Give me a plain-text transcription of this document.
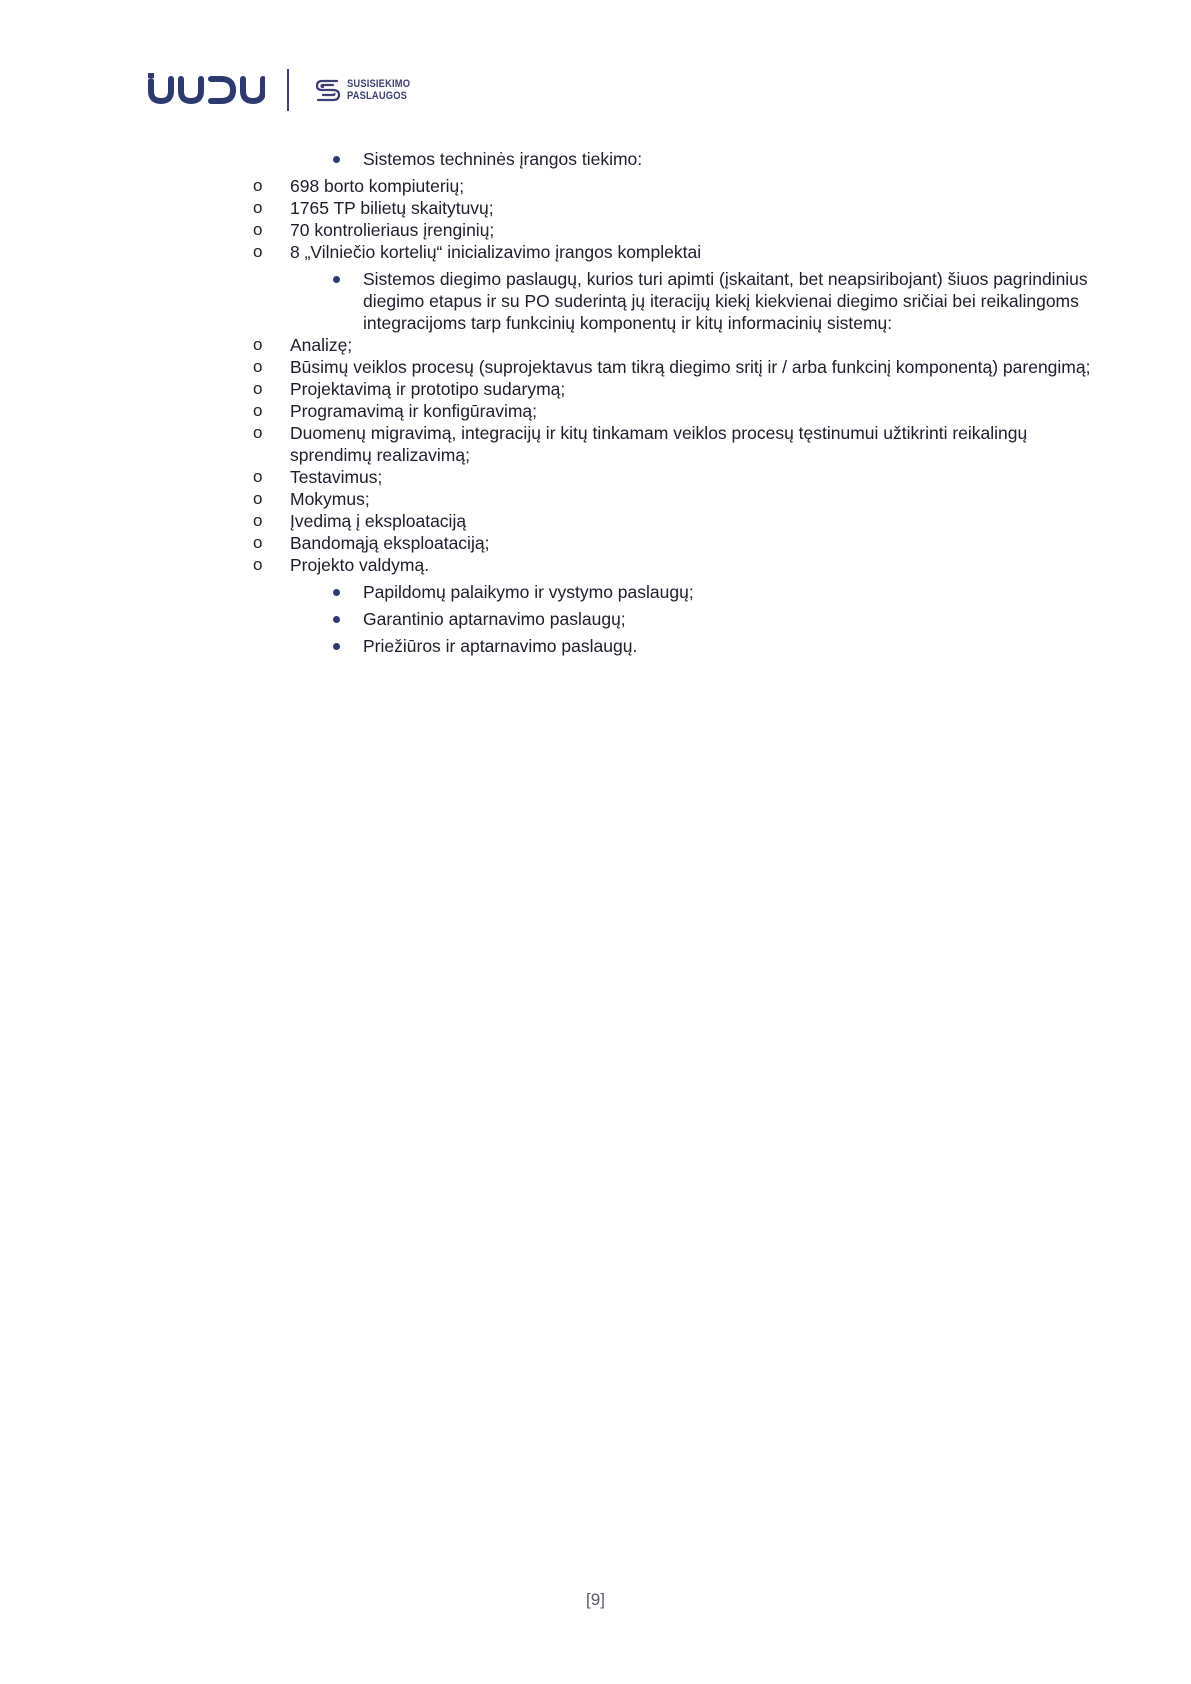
SUSISIEKIMO
PASLAUGOS
Sistemos techninės įrangos tiekimo:
o 698 borto kompiuterių;
o 1765 TP bilietų skaitytuvų;
o 70 kontrolieriaus įrenginių;
o 8 „Vilniečio kortelių“ inicializavimo įrangos komplektai
Sistemos diegimo paslaugų, kurios turi apimti (įskaitant, bet neapsiribojant) šiuos pagrindinius diegimo etapus ir su PO suderintą jų iteracijų kiekį kiekvienai diegimo sričiai bei reikalingoms integracijoms tarp funkcinių komponentų ir kitų informacinių sistemų:
o Analizę;
o Būsimų veiklos procesų (suprojektavus tam tikrą diegimo sritį ir / arba funkcinį komponentą) parengimą;
o Projektavimą ir prototipo sudarymą;
o Programavimą ir konfigūravimą;
o Duomenų migravimą, integracijų ir kitų tinkamam veiklos procesų tęstinumui užtikrinti reikalingų sprendimų realizavimą;
o Testavimus;
o Mokymus;
o Įvedimą į eksploataciją
o Bandomąją eksploataciją;
o Projekto valdymą.
Papildomų palaikymo ir vystymo paslaugų;
Garantinio aptarnavimo paslaugų;
Priežiūros ir aptarnavimo paslaugų.
[9]
